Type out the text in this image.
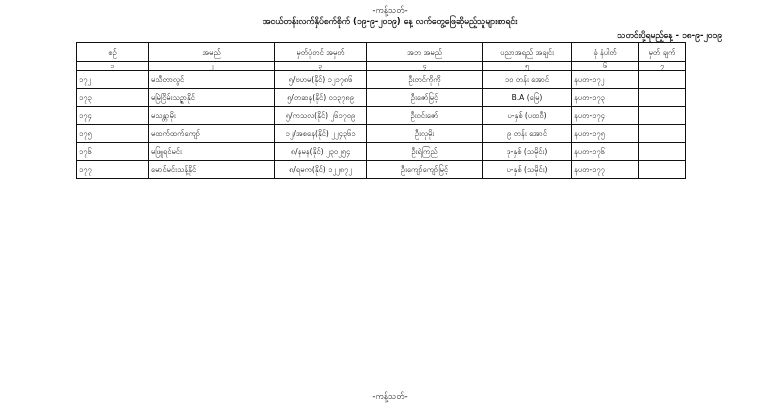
-ကန့်သတ်-
အငယ်တန်းလက်နှိပ်စက်စိုက် (၁၉-၉-၂၀၁၉) နေ့ လက်တွေ့ဖြေဆိုမည့်သူများစာရင်း
သတင်းပို့ရမည့်နေ့ - ၁၈-၉-၂၀၁၉
စဉ်	အမည်	မှတ်ပုံတင် အမှတ်	အဘ အမည်	ပညာအရည် အချင်း	ခုံ နံပါတ်	မှတ် ချက်
၁	၂	၃	၄	၅	၆	၇
၁၇၂	မသီတာလွင်	၅/ဗဟမ(နိုင်) ၁၂၁၇၈၆	ဦးတင်ကိုကို	၁၀ တန်း အောင်	နပတ-၁၇၂	
၁၇၃	မမြဲငြိမ်းသဉ္ဇာနိုင်	၅/တဆန(နိုင်) ၀၁၃၇၈၉	ဦးဇော်မြင့်	B.A (မြေ)	နပတ-၁၇၃	
၁၇၄	မသန္တာမိုး	၅/ကသလ(နိုင်) ၂၆၁၇၀၉	ဦးဝင်းဇော်	ပ-နှစ် (ပထဝီ)	နပတ-၁၇၄	
၁၇၅	မထက်ထက်ကျော်	၁၂/အစနေ(နိုင်) ၂၂၄၃၆၁	ဦးလှမိုး	၉ တန်း အောင်	နပတ-၁၇၅	
၁၇၆	မဖြူရင်မင်း	၈/နမန(နိုင်) ၂၃၀၂၅၄	ဦးရဲကြည်	ဒု-နှစ် (သမိုင်း)	နပတ-၁၇၆	
၁၇၇	မောင်မင်းသန့်နိုင်	၈/ရမက(နိုင်) ၁၂၂၈၇၂	ဦးကျော်ကျော်မြင့်	ပ-နှစ် (သမိုင်း)	နပတ-၁၇၇	
-ကန့်သတ်-
